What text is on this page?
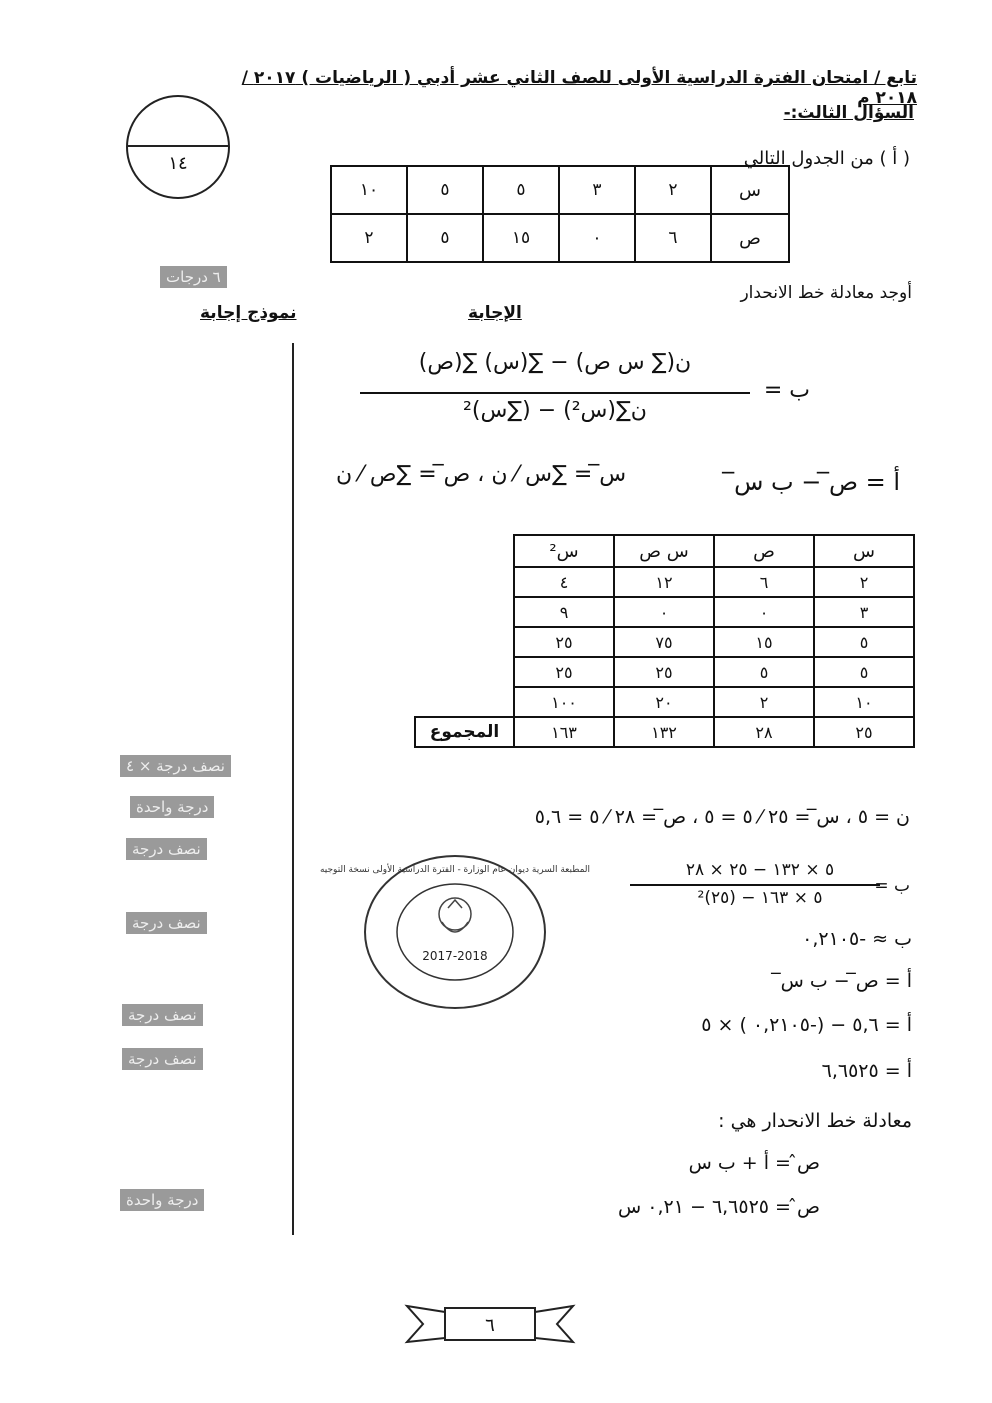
تابع / امتحان الفترة الدراسية الأولى للصف الثاني عشر أدبي ( الرياضيات ) ٢٠١٧ / ٢٠١٨ م
السؤال الثالث:-
١٤	( أ ) من الجدول التالي
س	٢	٣	٥	٥	١٠
ص	٦	٠	١٥	٥	٢
٦ درجات
أوجد معادلة خط الانحدار
نموذج إجابة	الإجابة
ب =
ن(∑ س ص) − ∑(س) ∑(ص)
ن∑(س²) − (∑س)²
أ = ص̅ − ب س̅
س̅ = ∑س ⁄ ن ، ص̅ = ∑ص ⁄ ن
س	ص	س ص	س²	
٢	٦	١٢	٤	
٣	٠	٠	٩	
٥	١٥	٧٥	٢٥	
٥	٥	٢٥	٢٥	
١٠	٢	٢٠	١٠٠	
٢٥	٢٨	١٣٢	١٦٣	المجموع
نصف درجة × ٤
درجة واحدة
نصف درجة
نصف درجة
نصف درجة
نصف درجة
درجة واحدة
ن = ٥ ، س̅ = ٢٥ ⁄ ٥ = ٥ ، ص̅ = ٢٨ ⁄ ٥ = ٥,٦
ب =
٥ × ١٣٢ − ٢٥ × ٢٨
٥ × ١٦٣ − (٢٥)²
ب ≈ -٠,٢١٠٥
أ = ص̅ − ب س̅
أ = ٥,٦ − (-٠,٢١٠٥ ) × ٥
أ = ٦,٦٥٢٥
معادلة خط الانحدار هي :
ص̂ = أ + ب س
ص̂ = ٦,٦٥٢٥ − ٠,٢١ س
2017-2018
المطبعة السرية ديوان عام الوزارة - الفترة الدراسية الأولى نسخة التوجيه
٦
